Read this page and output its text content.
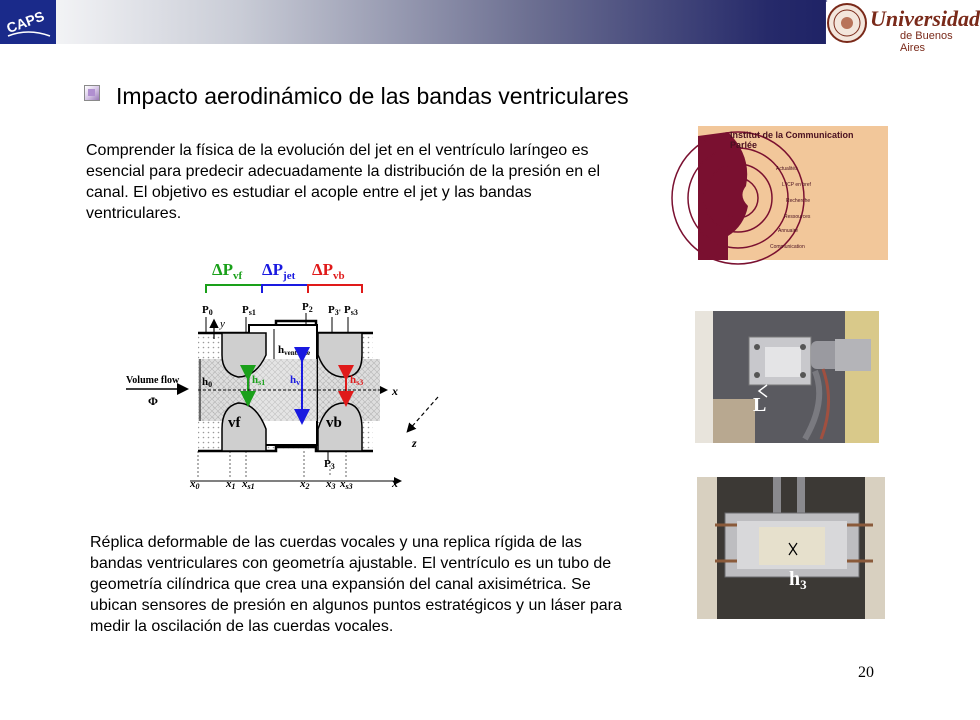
CAPS	Universidad
de Buenos Aires
Impacto aerodinámico de las bandas ventriculares
Comprender la física de la evolución del jet en el ventrículo laríngeo es esencial para predecir adecuadamente la distribución de la presión en el canal. El objetivo es estudiar el acople entre el jet y las bandas ventriculares.
$\Delta P_{vf}$ $\Delta P_{jet}$ $\Delta P_{vb}$
P0	Ps1	P2 P3' Ps3
y
hventricle
Volume flow
Φ
h0	hs1 hv	hs3
x
z
vf	vb
P3
x0 x1 xs1	x2 x3 xs3	x
Institut de la Communication
Parlée
Actualités
L'ICP en bref
Recherche
Ressources
Annuaire
Communication
L
$h_3$
Réplica deformable de las cuerdas vocales y una replica rígida de las bandas ventriculares con geometría ajustable. El ventrículo es un tubo de geometría cilíndrica que crea una expansión del canal axisimétrica. Se ubican sensores de presión en algunos puntos estratégicos y un láser para medir la oscilación de las cuerdas vocales.
20
